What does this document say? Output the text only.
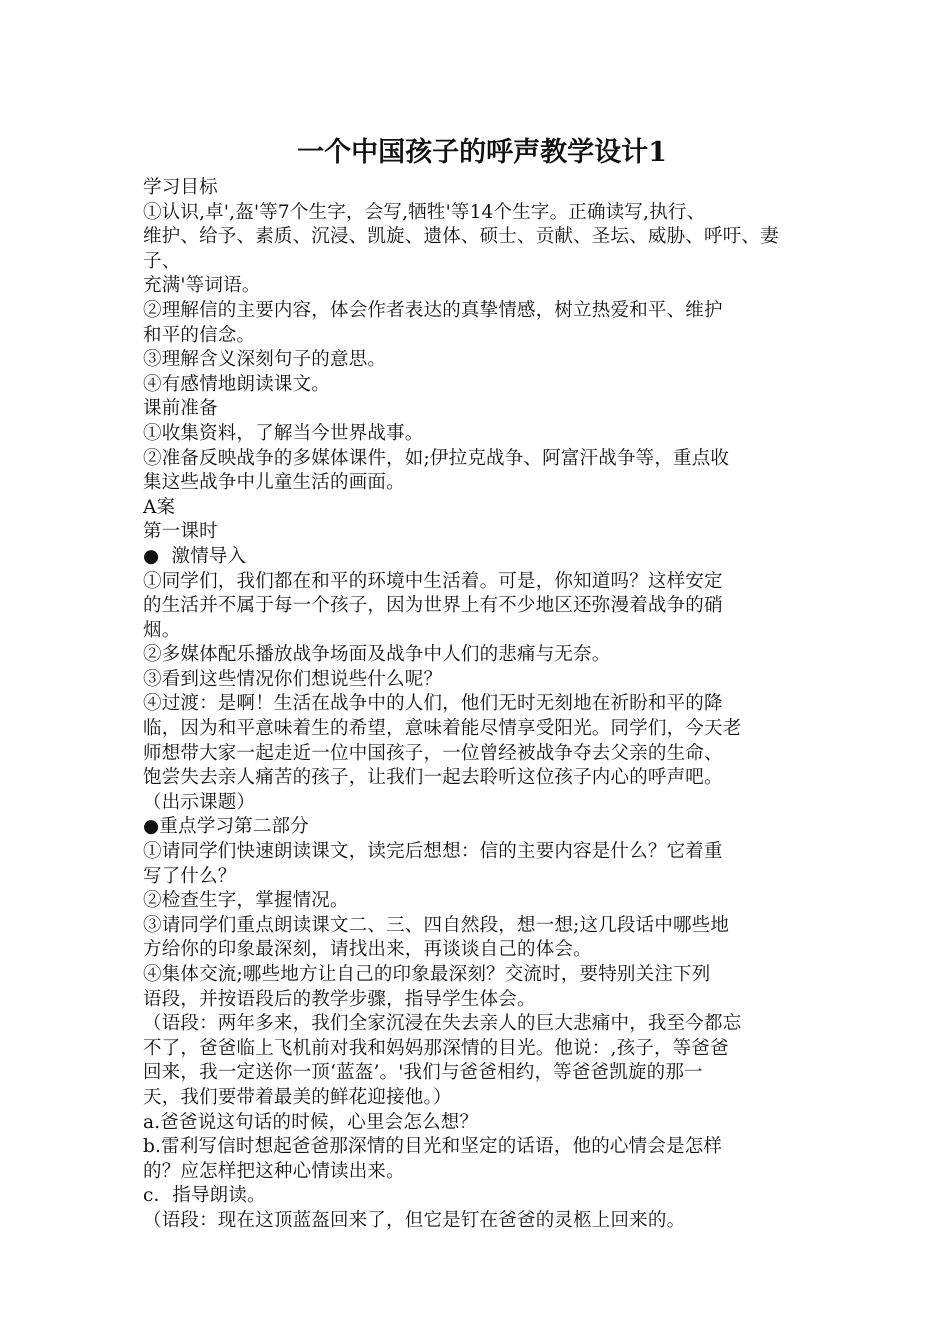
一个中国孩子的呼声教学设计1

学习目标

①认识,卓',盔'等7个生字，会写,牺牲'等14个生字。正确读写,执行、

维护、给予、素质、沉浸、凯旋、遗体、硕士、贡献、圣坛、威胁、呼吁、妻子、

充满'等词语。

②理解信的主要内容，体会作者表达的真挚情感，树立热爱和平、维护

和平的信念。

③理解含义深刻句子的意思。

④有感情地朗读课文。

课前准备

①收集资料，了解当今世界战事。

②准备反映战争的多媒体课件，如;伊拉克战争、阿富汗战争等，重点收

集这些战争中儿童生活的画面。

A案

第一课时

●  激情导入

①同学们，我们都在和平的环境中生活着。可是，你知道吗？这样安定

的生活并不属于每一个孩子，因为世界上有不少地区还弥漫着战争的硝

烟。

②多媒体配乐播放战争场面及战争中人们的悲痛与无奈。

③看到这些情况你们想说些什么呢？

④过渡：是啊！生活在战争中的人们，他们无时无刻地在祈盼和平的降

临，因为和平意味着生的希望，意味着能尽情享受阳光。同学们，今天老

师想带大家一起走近一位中国孩子，一位曾经被战争夺去父亲的生命、

饱尝失去亲人痛苦的孩子，让我们一起去聆听这位孩子内心的呼声吧。

（出示课题）

●重点学习第二部分

①请同学们快速朗读课文，读完后想想：信的主要内容是什么？它着重

写了什么？

②检查生字，掌握情况。

③请同学们重点朗读课文二、三、四自然段，想一想;这几段话中哪些地

方给你的印象最深刻，请找出来，再谈谈自己的体会。

④集体交流;哪些地方让自己的印象最深刻？交流时，要特别关注下列

语段，并按语段后的教学步骤，指导学生体会。

（语段：两年多来，我们全家沉浸在失去亲人的巨大悲痛中，我至今都忘

不了，爸爸临上飞机前对我和妈妈那深情的目光。他说：,孩子，等爸爸

回来，我一定送你一顶‘蓝盔’。'我们与爸爸相约，等爸爸凯旋的那一

天，我们要带着最美的鲜花迎接他。）

a.爸爸说这句话的时候，心里会怎么想？

b.雷利写信时想起爸爸那深情的目光和坚定的话语，他的心情会是怎样

的？应怎样把这种心情读出来。

c．指导朗读。

（语段：现在这顶蓝盔回来了，但它是钉在爸爸的灵柩上回来的。
